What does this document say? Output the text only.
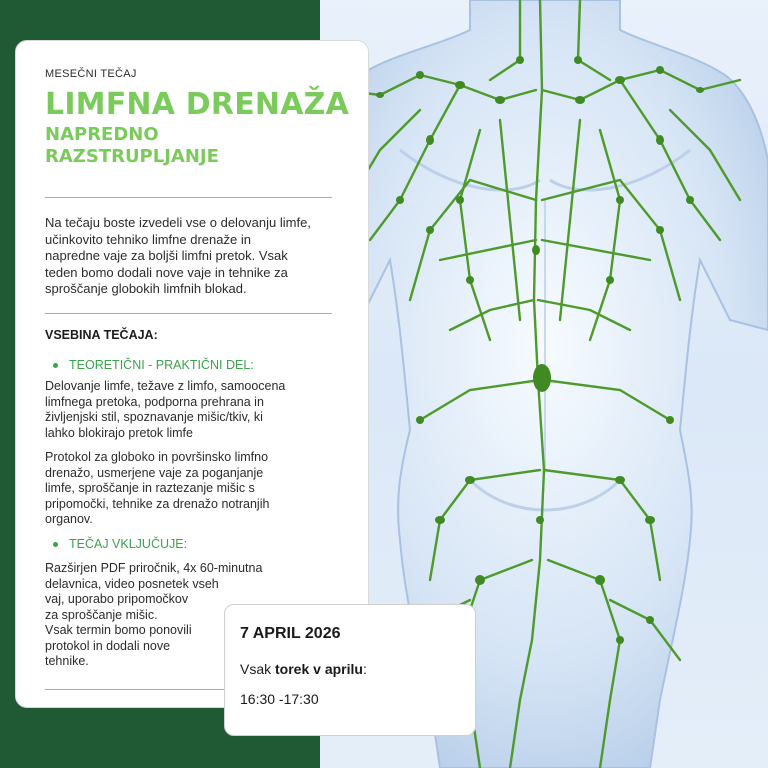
MESEČNI TEČAJ
LIMFNA DRENAŽA
NAPREDNO
RAZSTRUPLJANJE
Na tečaju boste izvedeli vse o delovanju limfe,
učinkovito tehniko limfne drenaže in
napredne vaje za boljši limfni pretok. Vsak
teden bomo dodali nove vaje in tehnike za
sproščanje globokih limfnih blokad.
VSEBINA TEČAJA:
TEORETIČNI - PRAKTIČNI DEL:
Delovanje limfe, težave z limfo, samoocena
limfnega pretoka, podporna prehrana in
življenjski stil, spoznavanje mišic/tkiv, ki
lahko blokirajo pretok limfe
Protokol za globoko in površinsko limfno
drenažo, usmerjene vaje za poganjanje
limfe, sproščanje in raztezanje mišic s
pripomočki, tehnike za drenažo notranjih
organov.
TEČAJ VKLJUČUJE:
Razširjen PDF priročnik, 4x 60-minutna
delavnica, video posnetek vseh
vaj, uporabo pripomočkov
za sproščanje mišic.
Vsak termin bomo ponovili
protokol in dodali nove
tehnike.
7 APRIL 2026
Vsak torek v aprilu:
16:30 -17:30
